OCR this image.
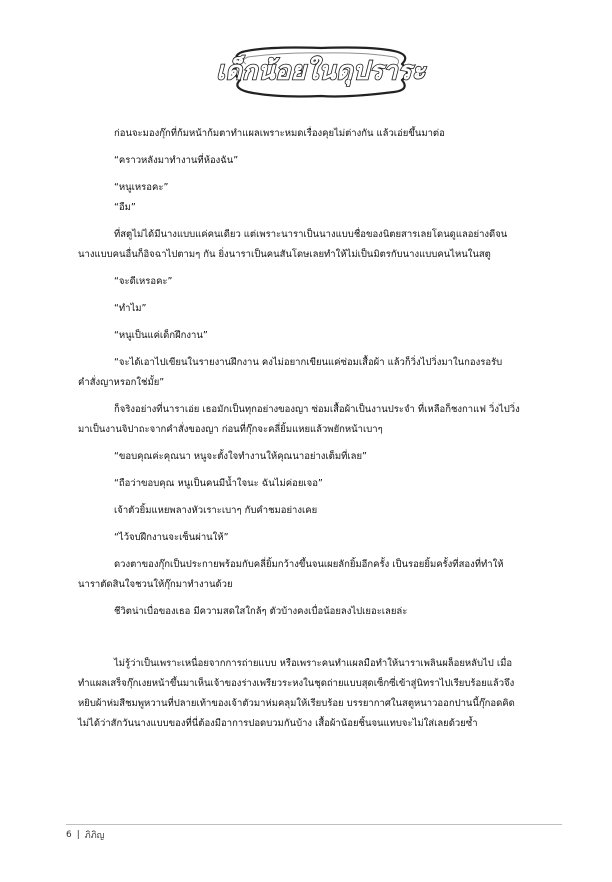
เด็กน้อยในดุปราระ

ก่อนจะมองกุ๊กที่ก้มหน้าก้มตาทำแผลเพราะหมดเรื่องคุยไม่ต่างกัน แล้วเอ่ยขึ้นมาต่อ

“คราวหลังมาทำงานที่ห้องฉัน”

“หนูเหรอคะ”

“อืม”

ที่สตูไม่ได้มีนางแบบแค่คนเดียว แต่เพราะนาราเป็นนางแบบชื่อของนิตยสารเลยโดนดูแลอย่างดีจน
นางแบบคนอื่นก็อิจฉาไปตามๆ กัน ยิ่งนาราเป็นคนสันโดษเลยทำให้ไม่เป็นมิตรกับนางแบบคนไหนในสตู

“จะดีเหรอคะ”

“ทำไม”

“หนูเป็นแค่เด็กฝึกงาน”

“จะได้เอาไปเขียนในรายงานฝึกงาน คงไม่อยากเขียนแค่ซ่อมเสื้อผ้า แล้วก็วิ่งไปวิ่งมาในกองรอรับ
คำสั่งญาหรอกใช่มั้ย”
ก็จริงอย่างที่นาราเอ่ย เธอมักเป็นทุกอย่างของญา ซ่อมเสื้อผ้าเป็นงานประจำ ที่เหลือก็ชงกาแฟ วิ่งไปวิ่ง
มาเป็นงานจิปาถะจากคำสั่งของญา ก่อนที่กุ๊กจะคลี่ยิ้มแหยแล้วพยักหน้าเบาๆ

“ขอบคุณค่ะคุณนา หนูจะตั้งใจทำงานให้คุณนาอย่างเต็มที่เลย”

“ถือว่าขอบคุณ หนูเป็นคนมีน้ำใจนะ ฉันไม่ค่อยเจอ”

เจ้าตัวยิ้มแหยพลางหัวเราะเบาๆ กับคำชมอย่างเคย

“ไว้จบฝึกงานจะเซ็นผ่านให้”

ดวงตาของกุ๊กเป็นประกายพร้อมกับคลี่ยิ้มกว้างขึ้นจนเผยลักยิ้มอีกครั้ง เป็นรอยยิ้มครั้งที่สองที่ทำให้
นาราตัดสินใจชวนให้กุ๊กมาทำงานด้วย

ชีวิตน่าเบื่อของเธอ มีความสดใสใกล้ๆ ตัวบ้างคงเบื่อน้อยลงไปเยอะเลยล่ะ

ไม่รู้ว่าเป็นเพราะเหนื่อยจากการถ่ายแบบ หรือเพราะคนทำแผลมือทำให้นาราเพลินผล็อยหลับไป เมื่อ
ทำแผลเสร็จกุ๊กเงยหน้าขึ้นมาเห็นเจ้าของร่างเพรียวระหงในชุดถ่ายแบบสุดเซ็กซี่เข้าสู่นิทราไปเรียบร้อยแล้วจึง
หยิบผ้าห่มสีชมพูหวานที่ปลายเท้าของเจ้าตัวมาห่มคลุมให้เรียบร้อย บรรยากาศในสตูหนาวออกปานนี้กุ๊กอดคิด
ไม่ได้ว่าสักวันนางแบบของที่นี่ต้องมีอาการปอดบวมกันบ้าง เสื้อผ้าน้อยชิ้นจนแทบจะไม่ใส่เลยด้วยซ้ำ
6 | ภิภิญ
